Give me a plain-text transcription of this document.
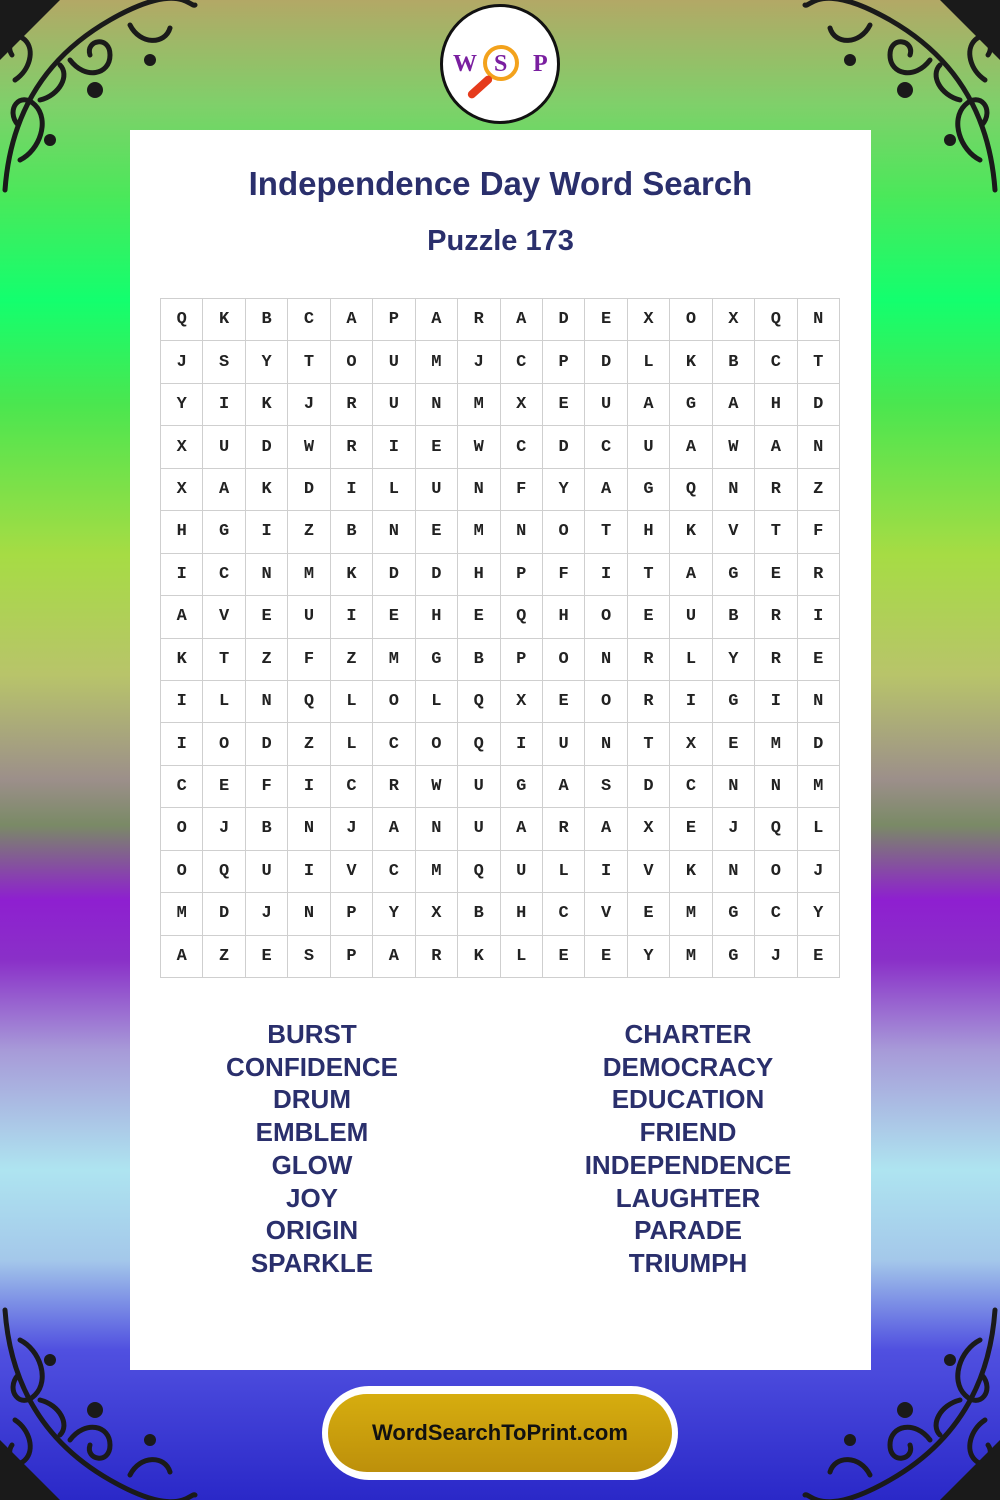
W S P
Independence Day Word Search
Puzzle 173
Q	K	B	C	A	P	A	R	A	D	E	X	O	X	Q	N
J	S	Y	T	O	U	M	J	C	P	D	L	K	B	C	T
Y	I	K	J	R	U	N	M	X	E	U	A	G	A	H	D
X	U	D	W	R	I	E	W	C	D	C	U	A	W	A	N
X	A	K	D	I	L	U	N	F	Y	A	G	Q	N	R	Z
H	G	I	Z	B	N	E	M	N	O	T	H	K	V	T	F
I	C	N	M	K	D	D	H	P	F	I	T	A	G	E	R
A	V	E	U	I	E	H	E	Q	H	O	E	U	B	R	I
K	T	Z	F	Z	M	G	B	P	O	N	R	L	Y	R	E
I	L	N	Q	L	O	L	Q	X	E	O	R	I	G	I	N
I	O	D	Z	L	C	O	Q	I	U	N	T	X	E	M	D
C	E	F	I	C	R	W	U	G	A	S	D	C	N	N	M
O	J	B	N	J	A	N	U	A	R	A	X	E	J	Q	L
O	Q	U	I	V	C	M	Q	U	L	I	V	K	N	O	J
M	D	J	N	P	Y	X	B	H	C	V	E	M	G	C	Y
A	Z	E	S	P	A	R	K	L	E	E	Y	M	G	J	E
BURST
CONFIDENCE
DRUM
EMBLEM
GLOW
JOY
ORIGIN
SPARKLE
CHARTER
DEMOCRACY
EDUCATION
FRIEND
INDEPENDENCE
LAUGHTER
PARADE
TRIUMPH
WordSearchToPrint.com
